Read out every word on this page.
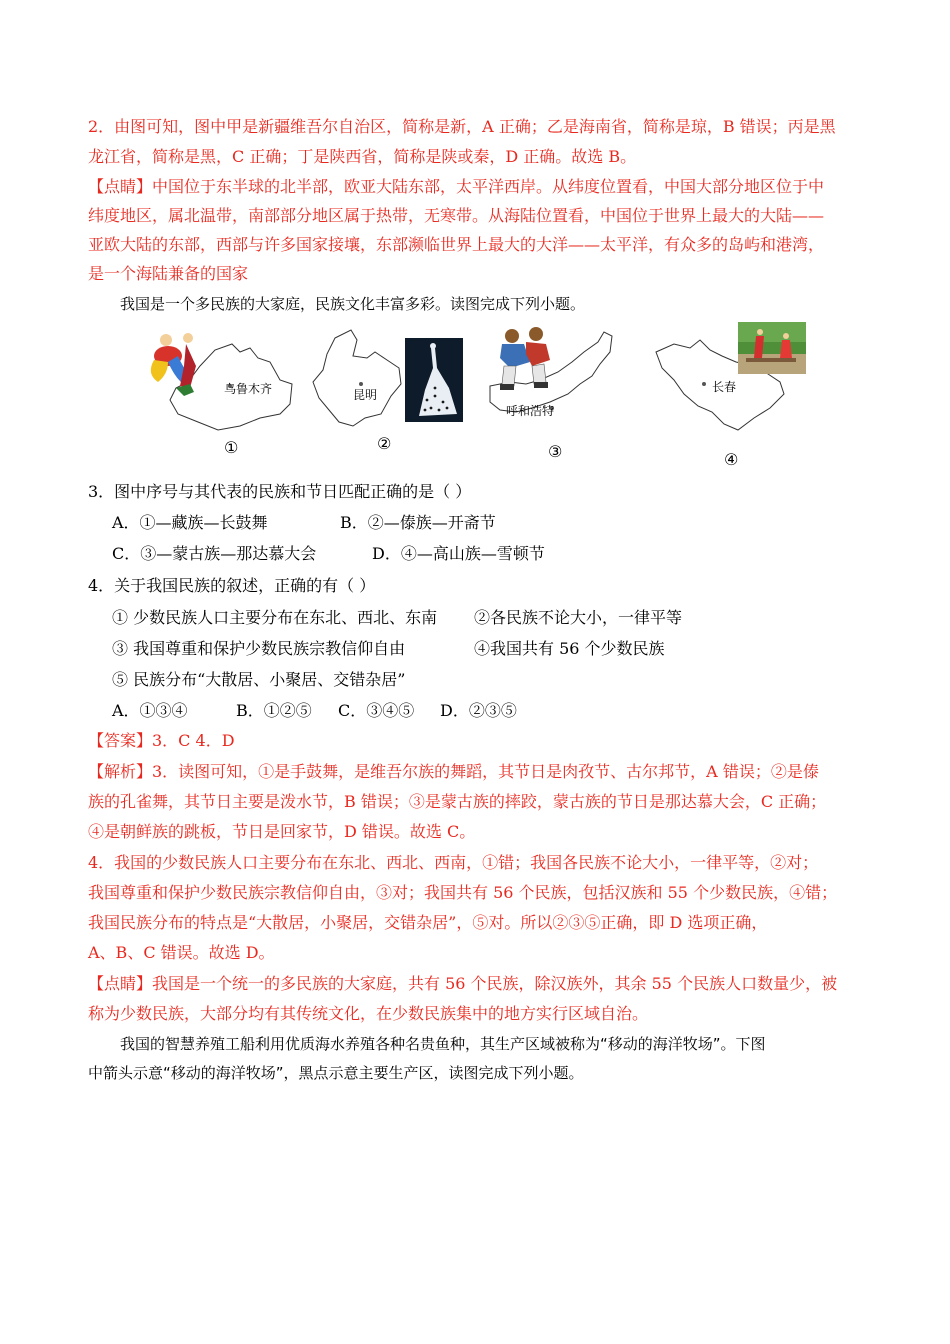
2．由图可知，图中甲是新疆维吾尔自治区，简称是新，A 正确；乙是海南省，简称是琼，B 错误；丙是黑
龙江省，简称是黑，C 正确；丁是陕西省，简称是陕或秦，D 正确。故选 B。
【点睛】中国位于东半球的北半部，欧亚大陆东部，太平洋西岸。从纬度位置看，中国大部分地区位于中
纬度地区，属北温带，南部部分地区属于热带，无寒带。从海陆位置看，中国位于世界上最大的大陆——
亚欧大陆的东部，西部与许多国家接壤，东部濒临世界上最大的大洋——太平洋，有众多的岛屿和港湾，
是一个海陆兼备的国家
我国是一个多民族的大家庭，民族文化丰富多彩。读图完成下列小题。
乌鲁木齐
①
昆明
②
呼和浩特
③
长春
④
3．图中序号与其代表的民族和节日匹配正确的是（ ）
A．①—藏族—长鼓舞	B．②—傣族—开斋节
C．③—蒙古族—那达慕大会	D．④—高山族—雪顿节
4．关于我国民族的叙述，正确的有（ ）
① 少数民族人口主要分布在东北、西北、东南	②各民族不论大小，一律平等
③ 我国尊重和保护少数民族宗教信仰自由	④我国共有 56 个少数民族
⑤ 民族分布“大散居、小聚居、交错杂居”
A．①③④	B．①②⑤	C．③④⑤	D．②③⑤
【答案】3．C 4．D
【解析】3．读图可知，①是手鼓舞，是维吾尔族的舞蹈，其节日是肉孜节、古尔邦节，A 错误；②是傣
族的孔雀舞，其节日主要是泼水节，B 错误；③是蒙古族的摔跤，蒙古族的节日是那达慕大会，C 正确；
④是朝鲜族的跳板，节日是回家节，D 错误。故选 C。
4．我国的少数民族人口主要分布在东北、西北、西南，①错；我国各民族不论大小，一律平等，②对；
我国尊重和保护少数民族宗教信仰自由，③对；我国共有 56 个民族，包括汉族和 55 个少数民族，④错；
我国民族分布的特点是“大散居，小聚居，交错杂居”，⑤对。所以②③⑤正确，即 D 选项正确，
A、B、C 错误。故选 D。
【点睛】我国是一个统一的多民族的大家庭，共有 56 个民族，除汉族外，其余 55 个民族人口数量少，被
称为少数民族，大部分均有其传统文化，在少数民族集中的地方实行区域自治。
我国的智慧养殖工船利用优质海水养殖各种名贵鱼种，其生产区域被称为“移动的海洋牧场”。下图
中箭头示意“移动的海洋牧场”，黑点示意主要生产区，读图完成下列小题。
